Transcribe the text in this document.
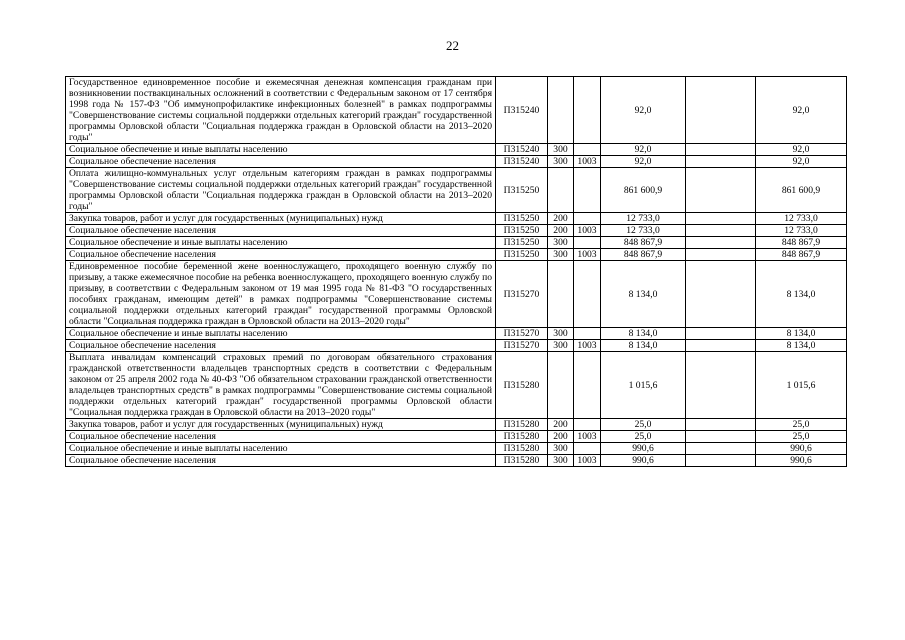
22
Государственное единовременное пособие и ежемесячная денежная компенсация гражданам при возникновении поствакцинальных осложнений в соответствии с Федеральным законом от 17 сентября 1998 года № 157-ФЗ "Об иммунопрофилактике инфекционных болезней" в рамках подпрограммы "Совершенствование системы социальной поддержки отдельных категорий граждан" государственной программы Орловской области "Социальная поддержка граждан в Орловской области на 2013–2020 годы"	П315240			92,0		92,0
Социальное обеспечение и иные выплаты населению	П315240	300		92,0		92,0
Социальное обеспечение населения	П315240	300	1003	92,0		92,0
Оплата жилищно-коммунальных услуг отдельным категориям граждан в рамках подпрограммы "Совершенствование системы социальной поддержки отдельных категорий граждан" государственной программы Орловской области "Социальная поддержка граждан в Орловской области на 2013–2020 годы"	П315250			861 600,9		861 600,9
Закупка товаров, работ и услуг для государственных (муниципальных) нужд	П315250	200		12 733,0		12 733,0
Социальное обеспечение населения	П315250	200	1003	12 733,0		12 733,0
Социальное обеспечение и иные выплаты населению	П315250	300		848 867,9		848 867,9
Социальное обеспечение населения	П315250	300	1003	848 867,9		848 867,9
Единовременное пособие беременной жене военнослужащего, проходящего военную службу по призыву, а также ежемесячное пособие на ребенка военнослужащего, проходящего военную службу по призыву, в соответствии с Федеральным законом от 19 мая 1995 года № 81-ФЗ "О государственных пособиях гражданам, имеющим детей" в рамках подпрограммы "Совершенствование системы социальной поддержки отдельных категорий граждан" государственной программы Орловской области "Социальная поддержка граждан в Орловской области на 2013–2020 годы"	П315270			8 134,0		8 134,0
Социальное обеспечение и иные выплаты населению	П315270	300		8 134,0		8 134,0
Социальное обеспечение населения	П315270	300	1003	8 134,0		8 134,0
Выплата инвалидам компенсаций страховых премий по договорам обязательного страхования гражданской ответственности владельцев транспортных средств в соответствии с Федеральным законом от 25 апреля 2002 года № 40-ФЗ "Об обязательном страховании гражданской ответственности владельцев транспортных средств" в рамках подпрограммы "Совершенствование системы социальной поддержки отдельных категорий граждан" государственной программы Орловской области "Социальная поддержка граждан в Орловской области на 2013–2020 годы"	П315280			1 015,6		1 015,6
Закупка товаров, работ и услуг для государственных (муниципальных) нужд	П315280	200		25,0		25,0
Социальное обеспечение населения	П315280	200	1003	25,0		25,0
Социальное обеспечение и иные выплаты населению	П315280	300		990,6		990,6
Социальное обеспечение населения	П315280	300	1003	990,6		990,6
